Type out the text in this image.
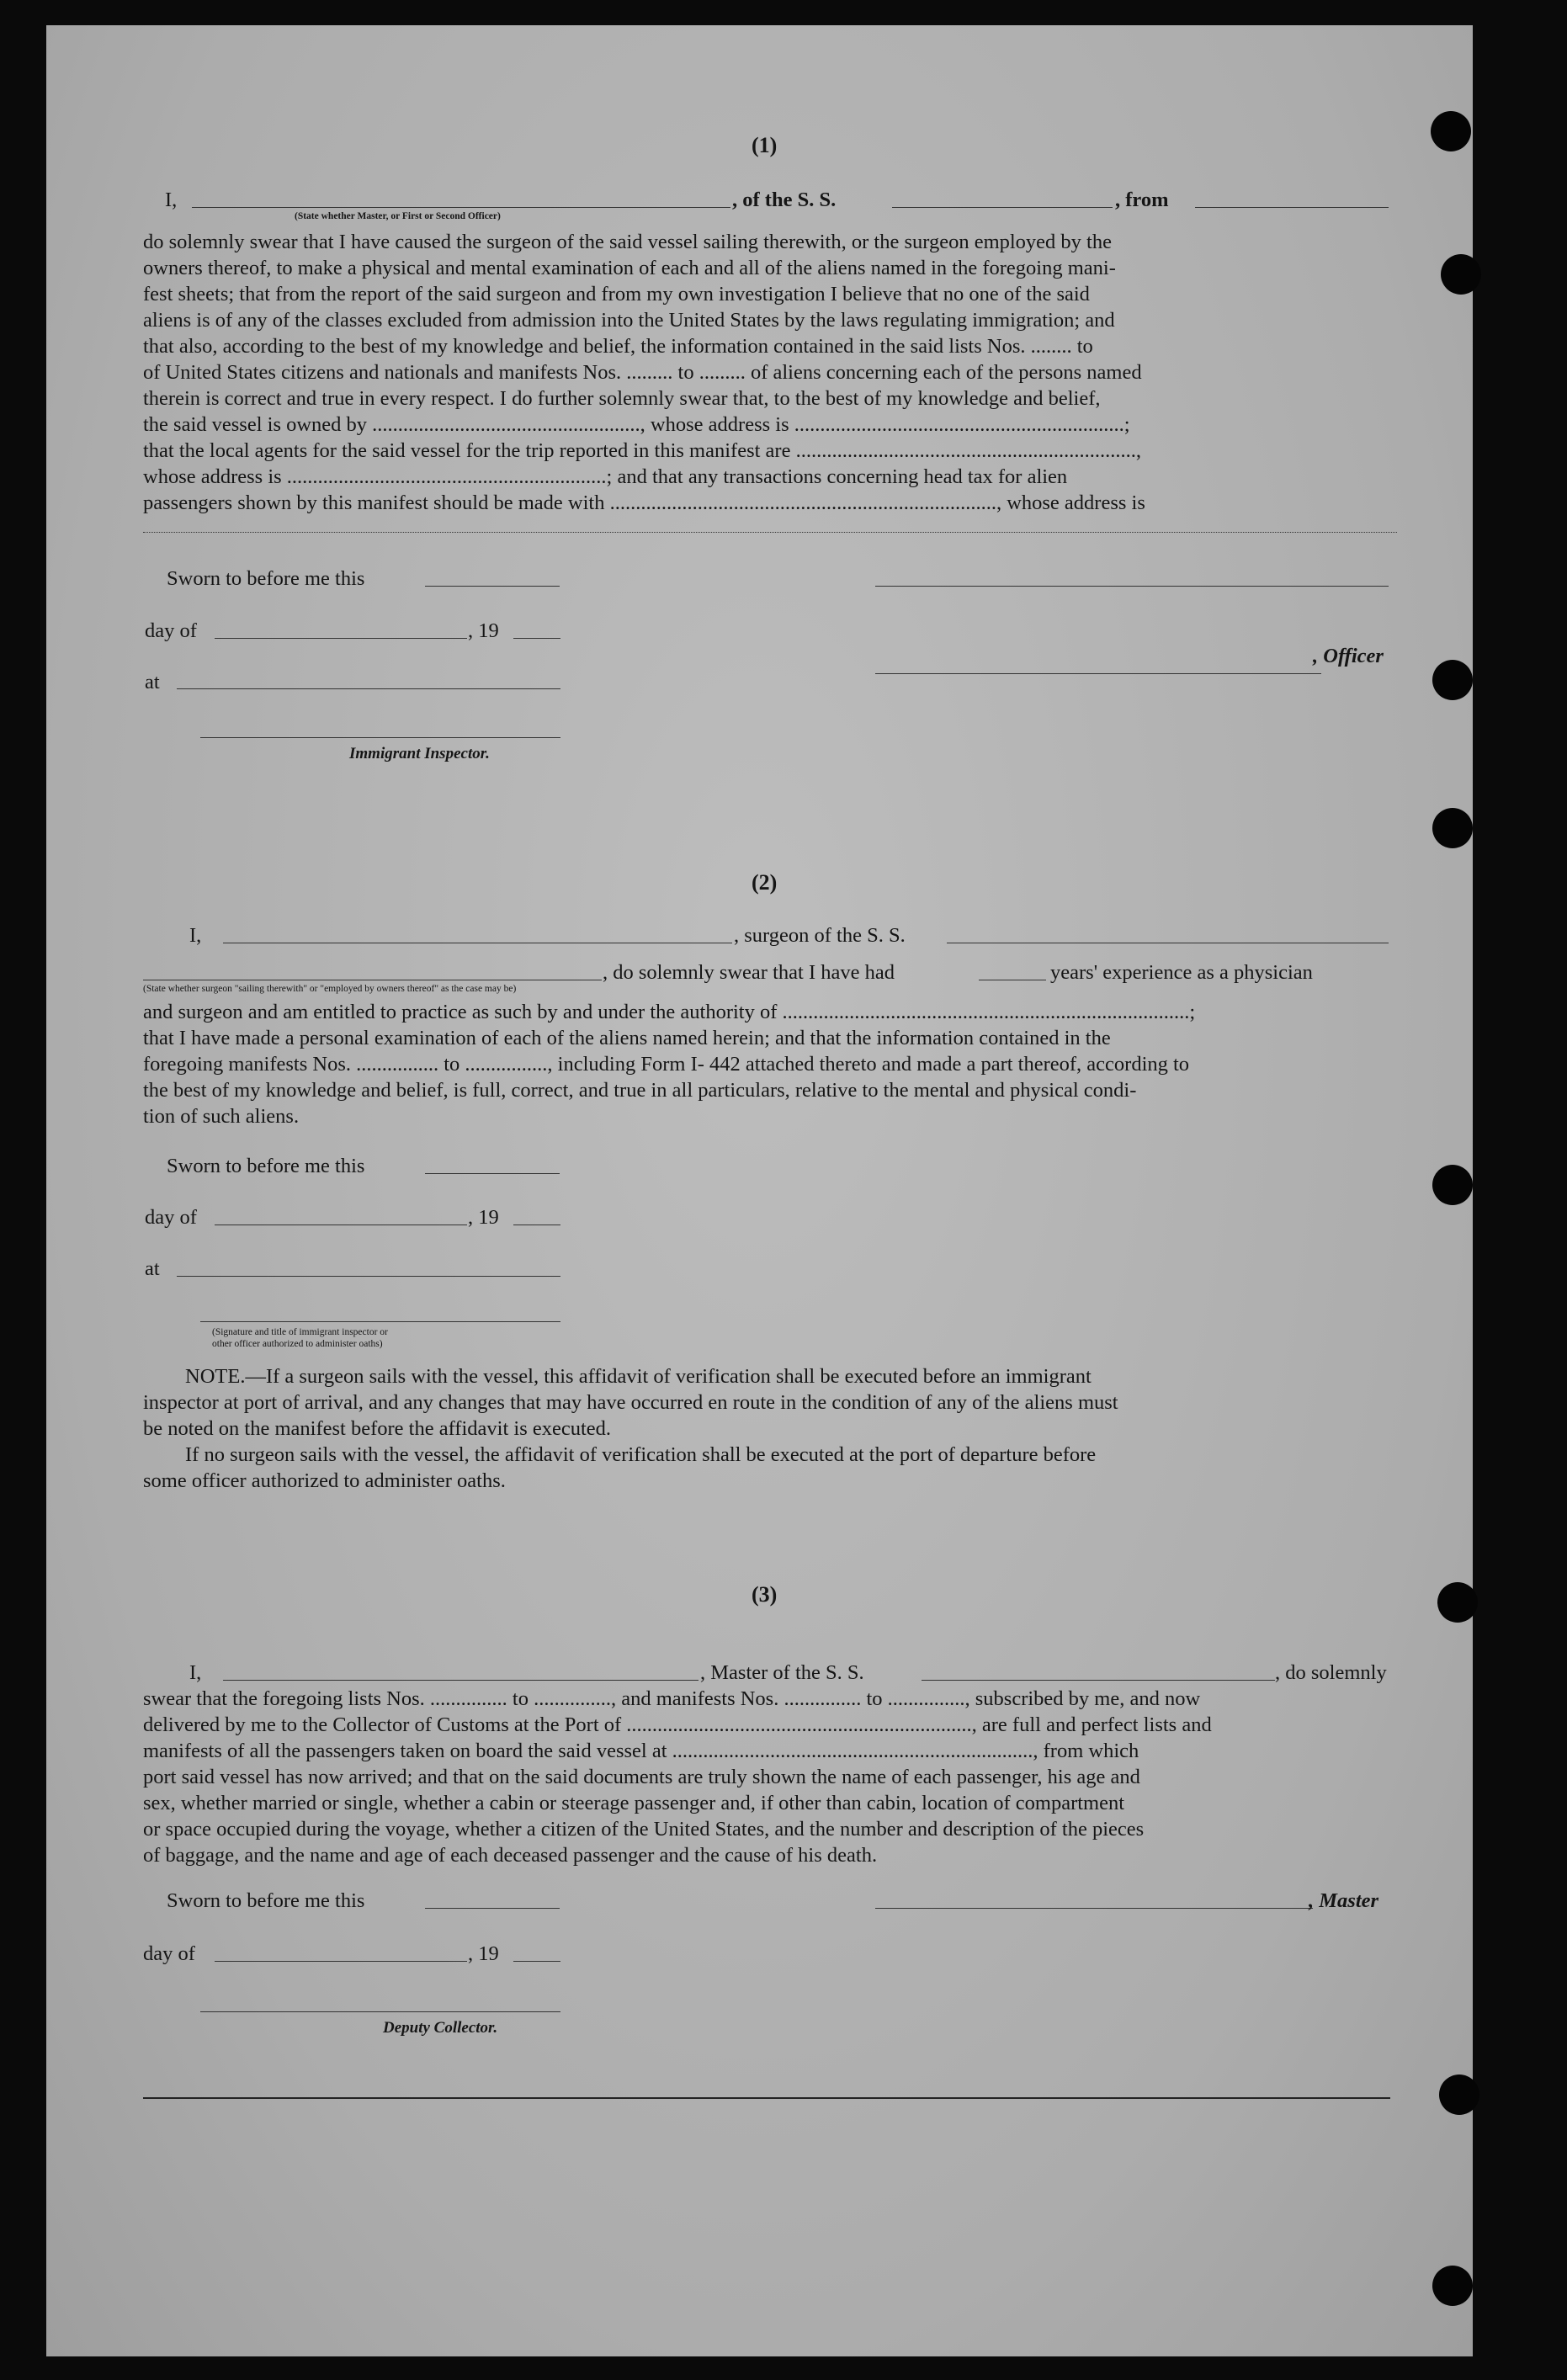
(1)
I,	, of the S. S.	, from
(State whether Master, or First or Second Officer)
do solemnly swear that I have caused the surgeon of the said vessel sailing therewith, or the surgeon employed by the
owners thereof, to make a physical and mental examination of each and all of the aliens named in the foregoing mani-
fest sheets; that from the report of the said surgeon and from my own investigation I believe that no one of the said
aliens is of any of the classes excluded from admission into the United States by the laws regulating immigration; and
that also, according to the best of my knowledge and belief, the information contained in the said lists Nos. ........ to
of United States citizens and nationals and manifests Nos. ......... to ......... of aliens concerning each of the persons named
therein is correct and true in every respect. I do further solemnly swear that, to the best of my knowledge and belief,
the said vessel is owned by ...................................................., whose address is ................................................................;
that the local agents for the said vessel for the trip reported in this manifest are ..................................................................,
whose address is ..............................................................; and that any transactions concerning head tax for alien
passengers shown by this manifest should be made with ..........................................................................., whose address is
Sworn to before me this
day of	, 19
, Officer
at
Immigrant Inspector.
(2)
I,	, surgeon of the S. S.
, do solemnly swear that I have had	years' experience as a physician
(State whether surgeon "sailing therewith" or "employed by owners thereof" as the case may be)
and surgeon and am entitled to practice as such by and under the authority of ...............................................................................;
that I have made a personal examination of each of the aliens named herein; and that the information contained in the
foregoing manifests Nos. ................ to ................, including Form I- 442 attached thereto and made a part thereof, according to
the best of my knowledge and belief, is full, correct, and true in all particulars, relative to the mental and physical condi-
tion of such aliens.
Sworn to before me this
day of	, 19
at
(Signature and title of immigrant inspector or
other officer authorized to administer oaths)
NOTE.—If a surgeon sails with the vessel, this affidavit of verification shall be executed before an immigrant
inspector at port of arrival, and any changes that may have occurred en route in the condition of any of the aliens must
be noted on the manifest before the affidavit is executed.
If no surgeon sails with the vessel, the affidavit of verification shall be executed at the port of departure before
some officer authorized to administer oaths.
(3)
I,	, Master of the S. S.	, do solemnly
swear that the foregoing lists Nos. ............... to ..............., and manifests Nos. ............... to ..............., subscribed by me, and now
delivered by me to the Collector of Customs at the Port of ..................................................................., are full and perfect lists and
manifests of all the passengers taken on board the said vessel at ......................................................................, from which
port said vessel has now arrived; and that on the said documents are truly shown the name of each passenger, his age and
sex, whether married or single, whether a cabin or steerage passenger and, if other than cabin, location of compartment
or space occupied during the voyage, whether a citizen of the United States, and the number and description of the pieces
of baggage, and the name and age of each deceased passenger and the cause of his death.
Sworn to before me this	, Master
day of	, 19
Deputy Collector.
